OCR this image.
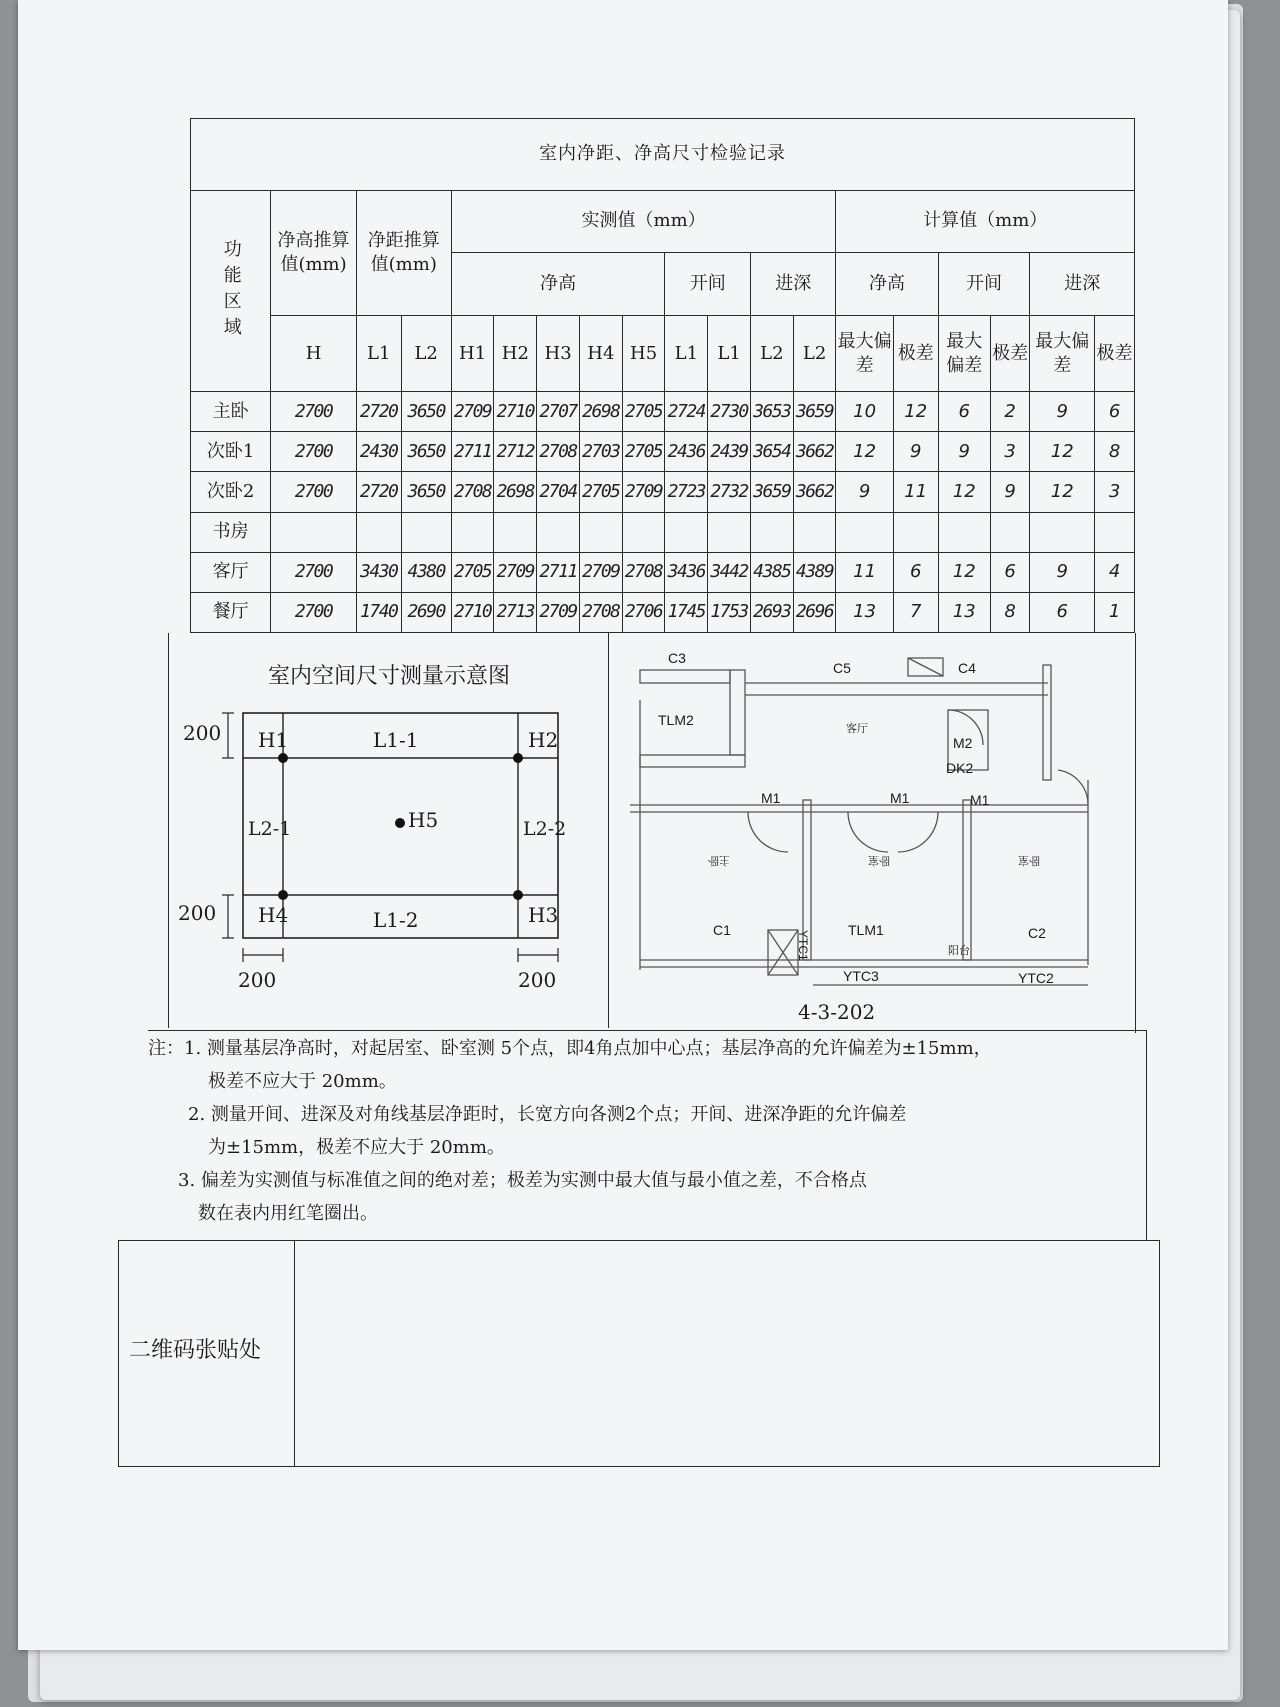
室内净距、净高尺寸检验记录																		
功能区域	净高推算值(mm)	净距推算值(mm)		实测值（mm）									计算值（mm）					
				净高					开间		进深		净高		开间		进深	
	H	L1	L2	H1	H2	H3	H4	H5	L1	L1	L2	L2	最大偏差	极差	最大偏差	极差	最大偏差	极差
主卧	2700	2720	3650	2709	2710	2707	2698	2705	2724	2730	3653	3659	10	12	6	2	9	6
次卧1	2700	2430	3650	2711	2712	2708	2703	2705	2436	2439	3654	3662	12	9	9	3	12	8
次卧2	2700	2720	3650	2708	2698	2704	2705	2709	2723	2732	3659	3662	9	11	12	9	12	3
书房																		
客厅	2700	3430	4380	2705	2709	2711	2709	2708	3436	3442	4385	4389	11	6	12	6	9	4
餐厅	2700	1740	2690	2710	2713	2709	2708	2706	1745	1753	2693	2696	13	7	13	8	6	1
室内空间尺寸测量示意图
H1	H2
H3
H4
H5
L1-1
L1-2
L2-1	L2-2
200
200
200	200
C3
C5	C4
TLM2
客厅
M2
DK2
M1	M1	M1
主卧	卧室	卧室
C1	TLM1	C2
阳台
YTC3	YTC2
YTC1
4-3-202

注：1. 测量基层净高时，对起居室、卧室测 5个点，即4角点加中心点；基层净高的允许偏差为±15mm，

极差不应大于 20mm。

2. 测量开间、进深及对角线基层净距时，长宽方向各测2个点；开间、进深净距的允许偏差

为±15mm，极差不应大于 20mm。

3. 偏差为实测值与标准值之间的绝对差；极差为实测中最大值与最小值之差，不合格点

数在表内用红笔圈出。

二维码张贴处
